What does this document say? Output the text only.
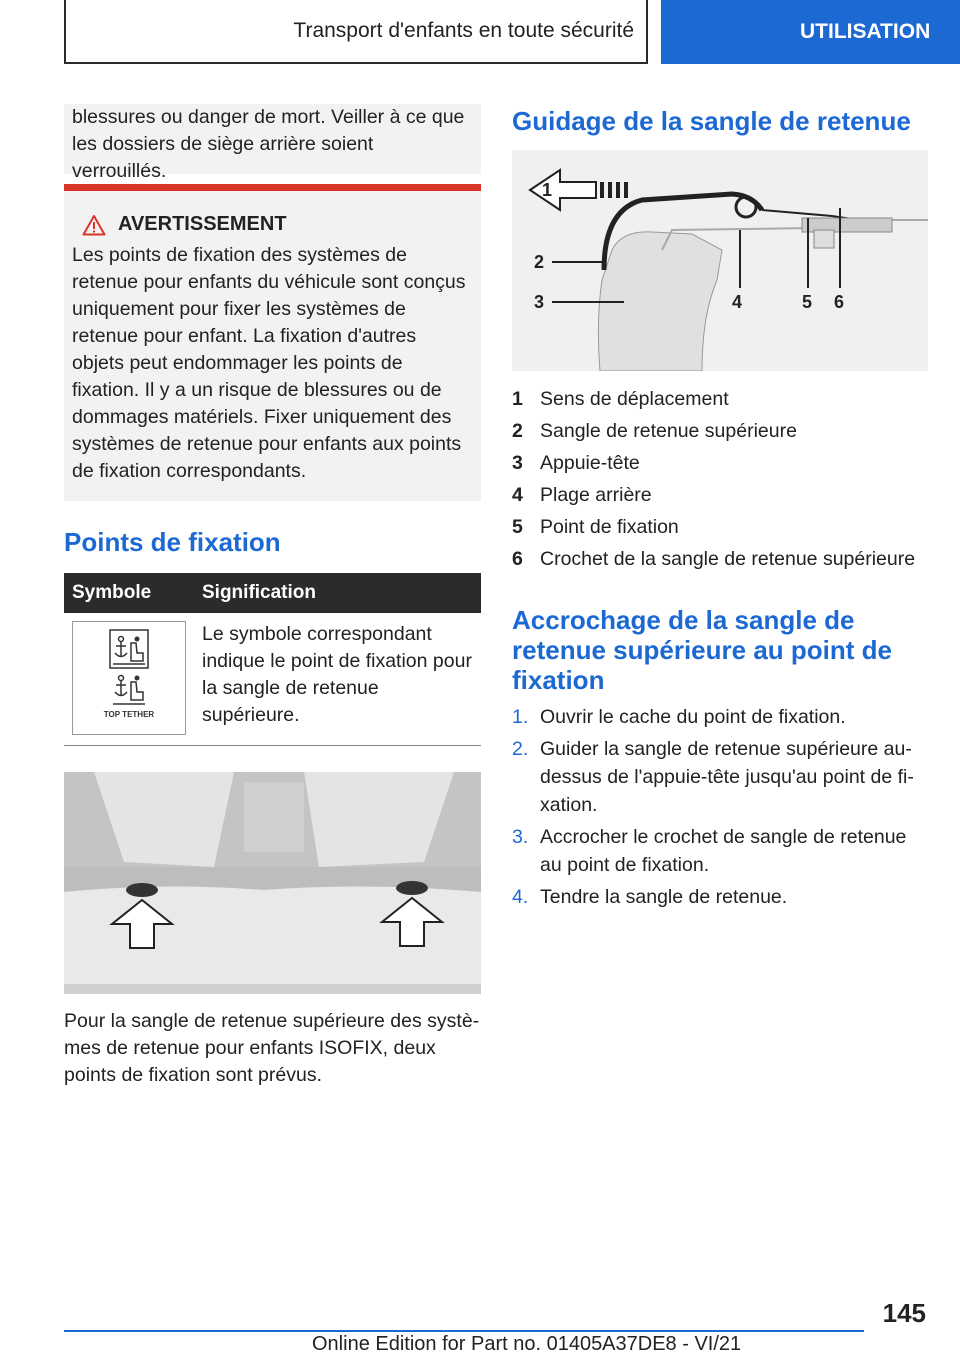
Transport d'enfants en toute sécurité	UTILISATION
blessures ou danger de mort. Veiller à ce que les dossiers de siège arrière soient verrouillés.
AVERTISSEMENT
Les points de fixation des systèmes de retenue pour enfants du véhicule sont conçus uniquement pour fixer les systèmes de retenue pour enfant. La fixation d'autres objets peut endommager les points de fixation. Il y a un risque de blessures ou de dommages matériels. Fixer uniquement des systèmes de retenue pour enfants aux points de fixation correspondants.
Points de fixation
Symbole	Signification

TOP TETHER	Le symbole correspondant indique le point de fixation pour la sangle de retenue supérieure.
Pour la sangle de retenue supérieure des systèmes de retenue pour enfants ISOFIX, deux points de fixation sont prévus.
Guidage de la sangle de retenue
1
2
3	4	5 6
1 Sens de déplacement
2 Sangle de retenue supérieure
3 Appuie-tête
4 Plage arrière
5 Point de fixation
6 Crochet de la sangle de retenue supérieure
Accrochage de la sangle de retenue supérieure au point de fixation
1. Ouvrir le cache du point de fixation.
2. Guider la sangle de retenue supérieure au-dessus de l'appuie-tête jusqu'au point de fixation.
3. Accrocher le crochet de sangle de retenue au point de fixation.
4. Tendre la sangle de retenue.
145
Online Edition for Part no. 01405A37DE8 - VI/21
